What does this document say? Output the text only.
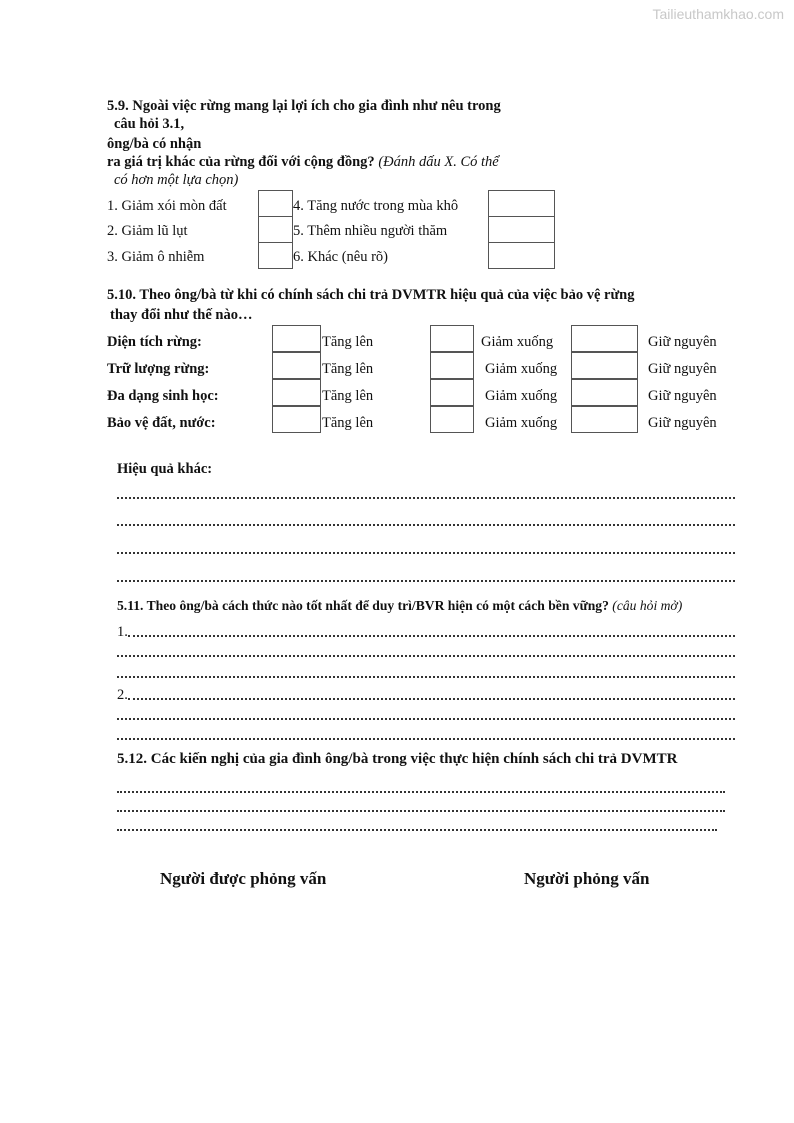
Tailieuthamkhao.com
5.9. Ngoài việc rừng mang lại lợi ích cho gia đình như nêu trong
câu hỏi 3.1,
ông/bà có nhận
ra giá trị khác của rừng đối với cộng đồng? (Đánh dấu X. Có thể
có hơn một lựa chọn)
1. Giảm xói mòn đất
2. Giảm lũ lụt
3. Giảm ô nhiễm
4. Tăng nước trong mùa khô
5. Thêm nhiều người thăm
6. Khác (nêu rõ)
5.10. Theo ông/bà từ khi có chính sách chi trả DVMTR hiệu quả của việc bảo vệ rừng
thay đổi như thế nào…
Diện tích rừng:	Tăng lên	Giảm xuống	Giữ nguyên
Trữ lượng rừng:	Tăng lên	Giảm xuống	Giữ nguyên
Đa dạng sinh học:	Tăng lên	Giảm xuống	Giữ nguyên
Bảo vệ đất, nước:	Tăng lên	Giảm xuống	Giữ nguyên
Hiệu quả khác:
5.11. Theo ông/bà cách thức nào tốt nhất để duy trì/BVR hiện có một cách bền vững? (câu hỏi mở)
1.
2.
5.12. Các kiến nghị của gia đình ông/bà trong việc thực hiện chính sách chi trả DVMTR
Người được phỏng vấn	Người phỏng vấn
